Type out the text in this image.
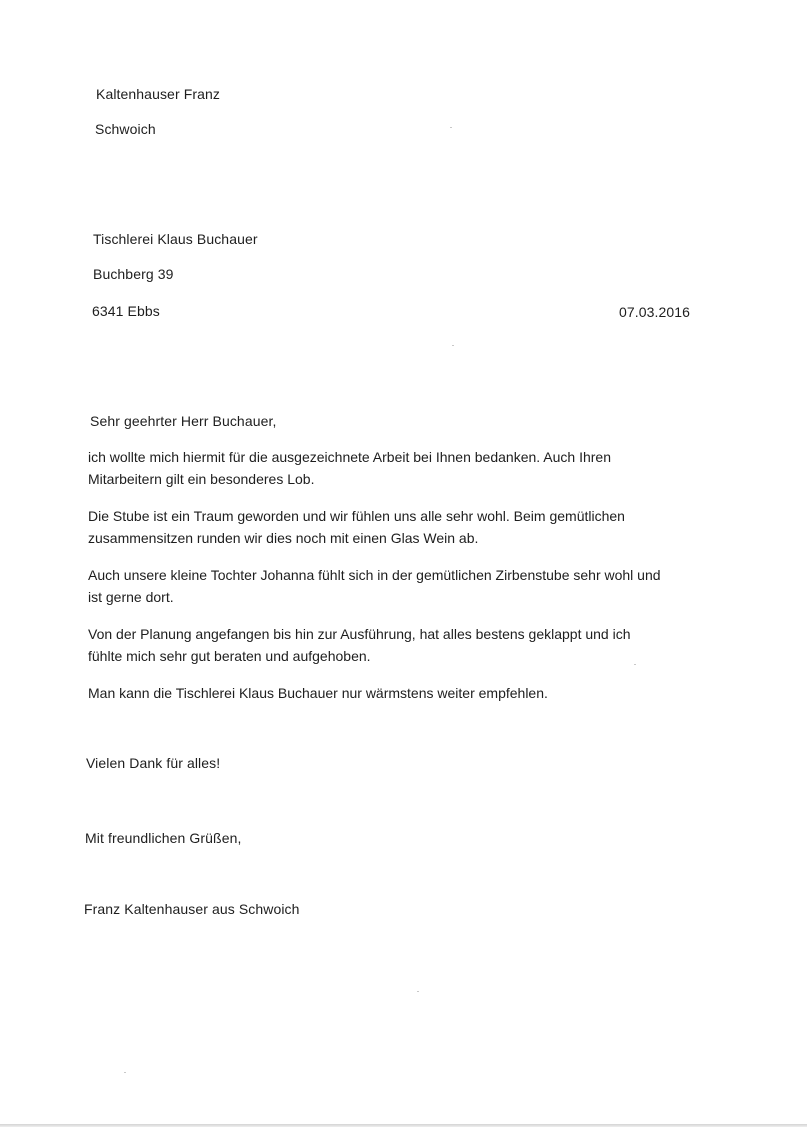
Kaltenhauser Franz
Schwoich
Tischlerei Klaus Buchauer
Buchberg 39
6341 Ebbs	07.03.2016
Sehr geehrter Herr Buchauer,
ich wollte mich hiermit für die ausgezeichnete Arbeit bei Ihnen bedanken. Auch Ihren
Mitarbeitern gilt ein besonderes Lob.
Die Stube ist ein Traum geworden und wir fühlen uns alle sehr wohl. Beim gemütlichen
zusammensitzen runden wir dies noch mit einen Glas Wein ab.
Auch unsere kleine Tochter Johanna fühlt sich in der gemütlichen Zirbenstube sehr wohl und
ist gerne dort.
Von der Planung angefangen bis hin zur Ausführung, hat alles bestens geklappt und ich
fühlte mich sehr gut beraten und aufgehoben.
Man kann die Tischlerei Klaus Buchauer nur wärmstens weiter empfehlen.
Vielen Dank für alles!
Mit freundlichen Grüßen,
Franz Kaltenhauser aus Schwoich
